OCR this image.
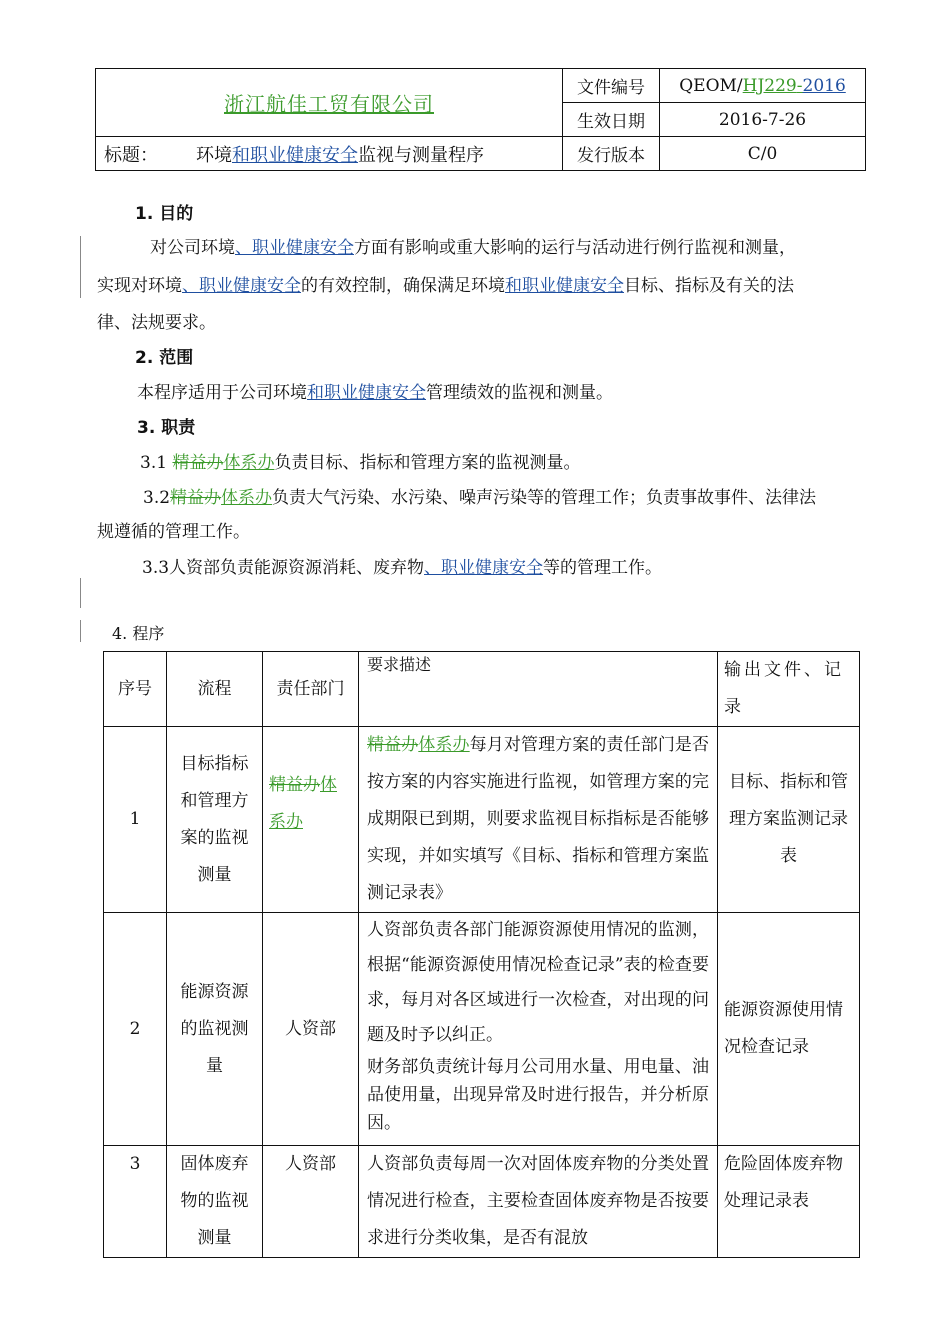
浙江航佳工贸有限公司	文件编号	QEOM/HJ229-2016
	生效日期	2016-7-26
标题： 环境和职业健康安全监视与测量程序	发行版本	C/0
1. 目的
对公司环境、职业健康安全方面有影响或重大影响的运行与活动进行例行监视和测量，
实现对环境、职业健康安全的有效控制，确保满足环境和职业健康安全目标、指标及有关的法
律、法规要求。
2. 范围
本程序适用于公司环境和职业健康安全管理绩效的监视和测量。
3. 职责
3.1 精益办体系办负责目标、指标和管理方案的监视测量。
3.2精益办体系办负责大气污染、水污染、噪声污染等的管理工作；负责事故事件、法律法
规遵循的管理工作。
3.3人资部负责能源资源消耗、废弃物、职业健康安全等的管理工作。
4. 程序
序号	流程	责任部门	要求描述	输出文件、记录
1	目标指标和管理方案的监视测量	精益办体系办	精益办体系办每月对管理方案的责任部门是否按方案的内容实施进行监视，如管理方案的完成期限已到期，则要求监视目标指标是否能够实现，并如实填写《目标、指标和管理方案监测记录表》	目标、指标和管理方案监测记录表
2	能源资源的监视测量	人资部	人资部负责各部门能源资源使用情况的监测，根据“能源资源使用情况检查记录”表的检查要求，每月对各区域进行一次检查，对出现的问题及时予以纠正。
财务部负责统计每月公司用水量、用电量、油品使用量，出现异常及时进行报告，并分析原因。	能源资源使用情况检查记录
3	固体废弃物的监视测量	人资部	人资部负责每周一次对固体废弃物的分类处置情况进行检查，主要检查固体废弃物是否按要求进行分类收集，是否有混放	危险固体废弃物处理记录表
